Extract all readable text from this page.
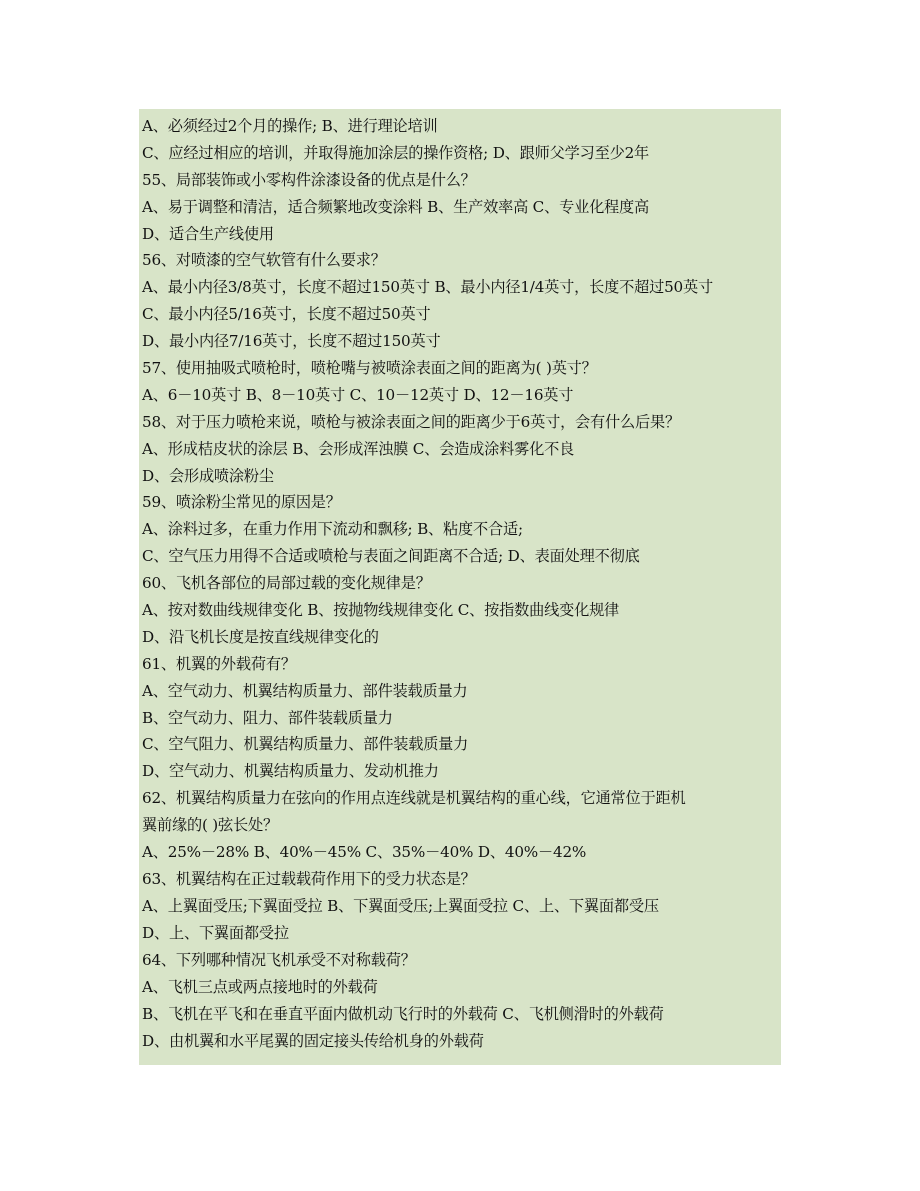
A、必须经过2个月的操作; B、进行理论培训
C、应经过相应的培训，并取得施加涂层的操作资格; D、跟师父学习至少2年
55、局部装饰或小零构件涂漆设备的优点是什么？
A、易于调整和清洁，适合频繁地改变涂料 B、生产效率高 C、专业化程度高
D、适合生产线使用
56、对喷漆的空气软管有什么要求？
A、最小内径3/8英寸，长度不超过150英寸 B、最小内径1/4英寸，长度不超过50英寸
C、最小内径5/16英寸，长度不超过50英寸
D、最小内径7/16英寸，长度不超过150英寸
57、使用抽吸式喷枪时，喷枪嘴与被喷涂表面之间的距离为( )英寸？
A、6－10英寸 B、8－10英寸 C、10－12英寸 D、12－16英寸
58、对于压力喷枪来说，喷枪与被涂表面之间的距离少于6英寸，会有什么后果？
A、形成桔皮状的涂层 B、会形成浑浊膜 C、会造成涂料雾化不良
D、会形成喷涂粉尘
59、喷涂粉尘常见的原因是？
A、涂料过多，在重力作用下流动和飘移; B、粘度不合适;
C、空气压力用得不合适或喷枪与表面之间距离不合适; D、表面处理不彻底
60、飞机各部位的局部过载的变化规律是？
A、按对数曲线规律变化 B、按抛物线规律变化 C、按指数曲线变化规律
D、沿飞机长度是按直线规律变化的
61、机翼的外载荷有？
A、空气动力、机翼结构质量力、部件装载质量力
B、空气动力、阻力、部件装载质量力
C、空气阻力、机翼结构质量力、部件装载质量力
D、空气动力、机翼结构质量力、发动机推力
62、机翼结构质量力在弦向的作用点连线就是机翼结构的重心线，它通常位于距机
翼前缘的( )弦长处？
A、25%－28% B、40%－45% C、35%－40% D、40%－42%
63、机翼结构在正过载载荷作用下的受力状态是？
A、上翼面受压;下翼面受拉 B、下翼面受压;上翼面受拉 C、上、下翼面都受压
D、上、下翼面都受拉
64、下列哪种情况飞机承受不对称载荷？
A、飞机三点或两点接地时的外载荷
B、飞机在平飞和在垂直平面内做机动飞行时的外载荷 C、飞机侧滑时的外载荷
D、由机翼和水平尾翼的固定接头传给机身的外载荷
